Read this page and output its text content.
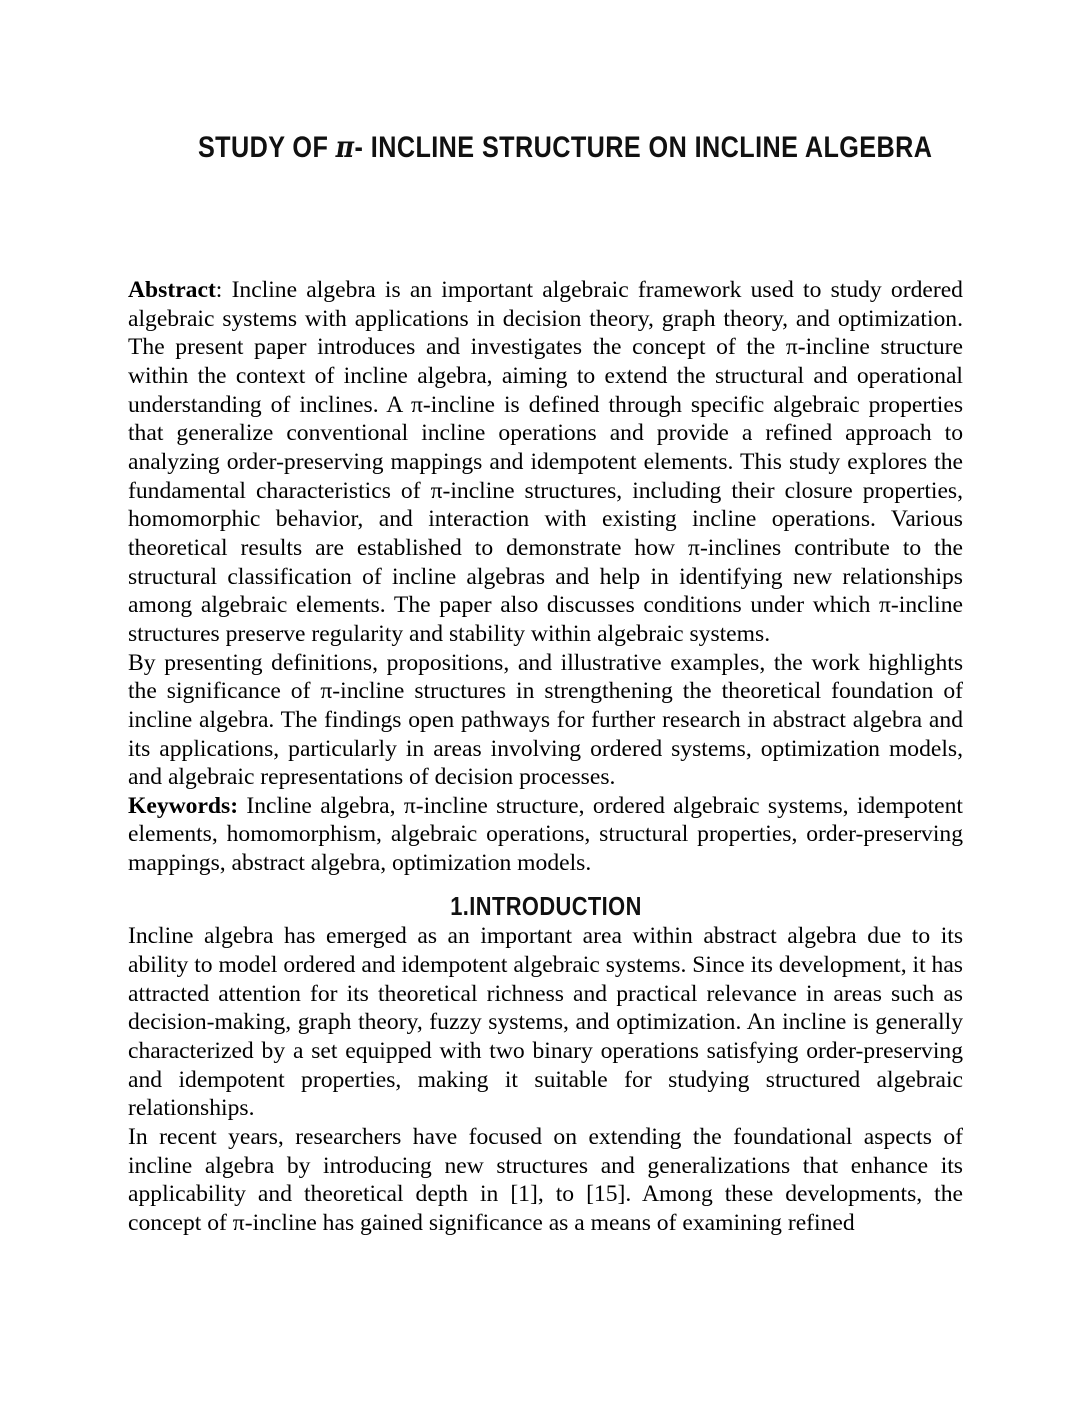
STUDY OF π- INCLINE STRUCTURE ON INCLINE ALGEBRA

Abstract: Incline algebra is an important algebraic framework used to study ordered algebraic systems with applications in decision theory, graph theory, and optimization. The present paper introduces and investigates the concept of the π-incline structure within the context of incline algebra, aiming to extend the structural and operational understanding of inclines. A π-incline is defined through specific algebraic properties that generalize conventional incline operations and provide a refined approach to analyzing order-preserving mappings and idempotent elements. This study explores the fundamental characteristics of π-incline structures, including their closure properties, homomorphic behavior, and interaction with existing incline operations. Various theoretical results are established to demonstrate how π-inclines contribute to the structural classification of incline algebras and help in identifying new relationships among algebraic elements. The paper also discusses conditions under which π-incline structures preserve regularity and stability within algebraic systems.

By presenting definitions, propositions, and illustrative examples, the work highlights the significance of π-incline structures in strengthening the theoretical foundation of incline algebra. The findings open pathways for further research in abstract algebra and its applications, particularly in areas involving ordered systems, optimization models, and algebraic representations of decision processes.

Keywords: Incline algebra, π-incline structure, ordered algebraic systems, idempotent elements, homomorphism, algebraic operations, structural properties, order-preserving mappings, abstract algebra, optimization models.

1.INTRODUCTION

Incline algebra has emerged as an important area within abstract algebra due to its ability to model ordered and idempotent algebraic systems. Since its development, it has attracted attention for its theoretical richness and practical relevance in areas such as decision-making, graph theory, fuzzy systems, and optimization. An incline is generally characterized by a set equipped with two binary operations satisfying order-preserving and idempotent properties, making it suitable for studying structured algebraic relationships.

In recent years, researchers have focused on extending the foundational aspects of incline algebra by introducing new structures and generalizations that enhance its applicability and theoretical depth in [1], to [15]. Among these developments, the concept of π-incline has gained significance as a means of examining refined
